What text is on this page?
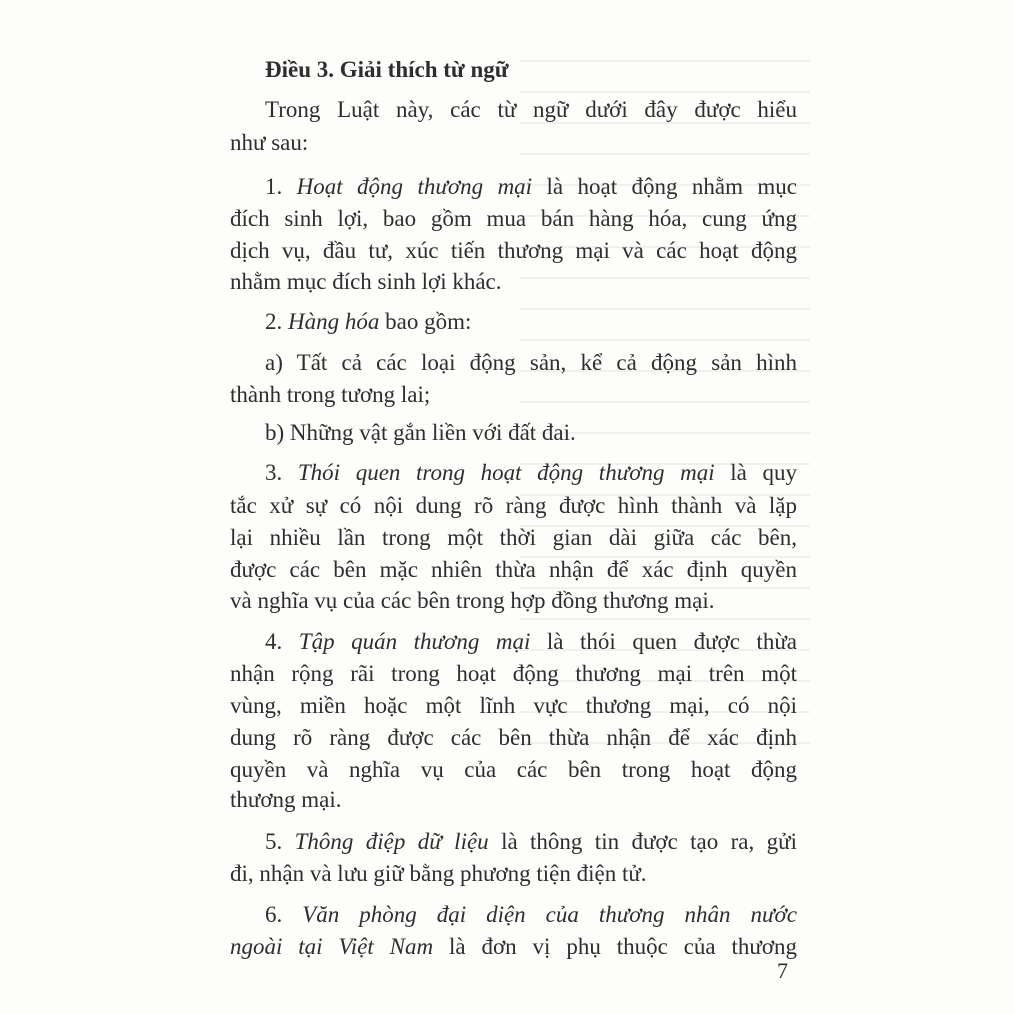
Điều 3. Giải thích từ ngữ
Trong Luật này, các từ ngữ dưới đây được hiểu
như sau:
1. Hoạt động thương mại là hoạt động nhằm mục
đích sinh lợi, bao gồm mua bán hàng hóa, cung ứng
dịch vụ, đầu tư, xúc tiến thương mại và các hoạt động
nhằm mục đích sinh lợi khác.
2. Hàng hóa bao gồm:
a) Tất cả các loại động sản, kể cả động sản hình
thành trong tương lai;
b) Những vật gắn liền với đất đai.
3. Thói quen trong hoạt động thương mại là quy
tắc xử sự có nội dung rõ ràng được hình thành và lặp
lại nhiều lần trong một thời gian dài giữa các bên,
được các bên mặc nhiên thừa nhận để xác định quyền
và nghĩa vụ của các bên trong hợp đồng thương mại.
4. Tập quán thương mại là thói quen được thừa
nhận rộng rãi trong hoạt động thương mại trên một
vùng, miền hoặc một lĩnh vực thương mại, có nội
dung rõ ràng được các bên thừa nhận để xác định
quyền và nghĩa vụ của các bên trong hoạt động
thương mại.
5. Thông điệp dữ liệu là thông tin được tạo ra, gửi
đi, nhận và lưu giữ bằng phương tiện điện tử.
6. Văn phòng đại diện của thương nhân nước
ngoài tại Việt Nam là đơn vị phụ thuộc của thương
7
